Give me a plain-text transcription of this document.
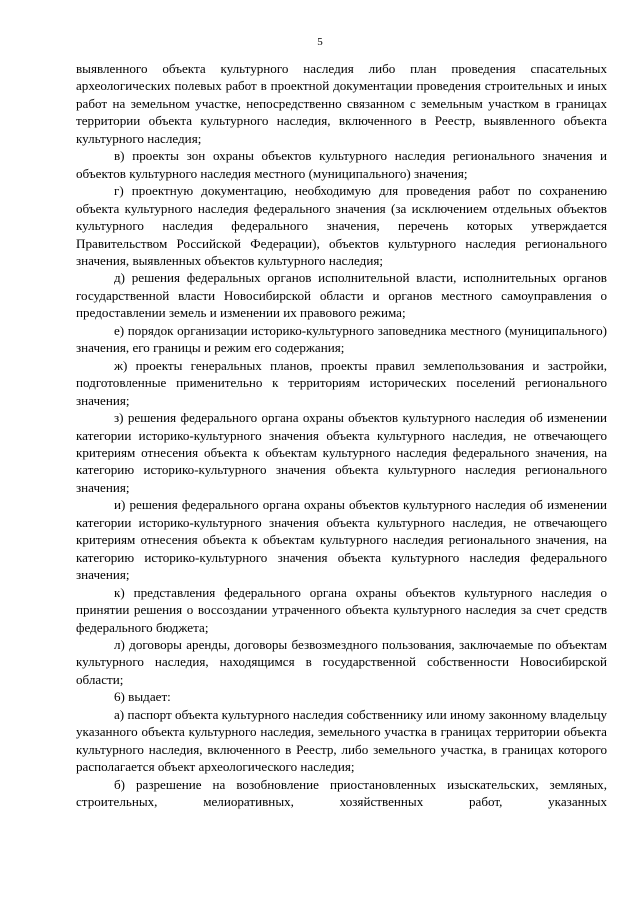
5

выявленного объекта культурного наследия либо план проведения спасательных археологических полевых работ в проектной документации проведения строительных и иных работ на земельном участке, непосредственно связанном с земельным участком в границах территории объекта культурного наследия, включенного в Реестр, выявленного объекта культурного наследия;

в) проекты зон охраны объектов культурного наследия регионального значения и объектов культурного наследия местного (муниципального) значения;

г) проектную документацию, необходимую для проведения работ по сохранению объекта культурного наследия федерального значения (за исключением отдельных объектов культурного наследия федерального значения, перечень которых утверждается Правительством Российской Федерации), объектов культурного наследия регионального значения, выявленных объектов культурного наследия;

д) решения федеральных органов исполнительной власти, исполнительных органов государственной власти Новосибирской области и органов местного самоуправления о предоставлении земель и изменении их правового режима;

е) порядок организации историко-культурного заповедника местного (муниципального) значения, его границы и режим его содержания;

ж) проекты генеральных планов, проекты правил землепользования и застройки, подготовленные применительно к территориям исторических поселений регионального значения;

з) решения федерального органа охраны объектов культурного наследия об изменении категории историко-культурного значения объекта культурного наследия, не отвечающего критериям отнесения объекта к объектам культурного наследия федерального значения, на категорию историко-культурного значения объекта культурного наследия регионального значения;

и) решения федерального органа охраны объектов культурного наследия об изменении категории историко-культурного значения объекта культурного наследия, не отвечающего критериям отнесения объекта к объектам культурного наследия регионального значения, на категорию историко-культурного значения объекта культурного наследия федерального значения;

к) представления федерального органа охраны объектов культурного наследия о принятии решения о воссоздании утраченного объекта культурного наследия за счет средств федерального бюджета;

л) договоры аренды, договоры безвозмездного пользования, заключаемые по объектам культурного наследия, находящимся в государственной собственности Новосибирской области;

6) выдает:

а) паспорт объекта культурного наследия собственнику или иному законному владельцу указанного объекта культурного наследия, земельного участка в границах территории объекта культурного наследия, включенного в Реестр, либо земельного участка, в границах которого располагается объект археологического наследия;

б) разрешение на возобновление приостановленных изыскательских, земляных, строительных, мелиоративных, хозяйственных работ, указанных
